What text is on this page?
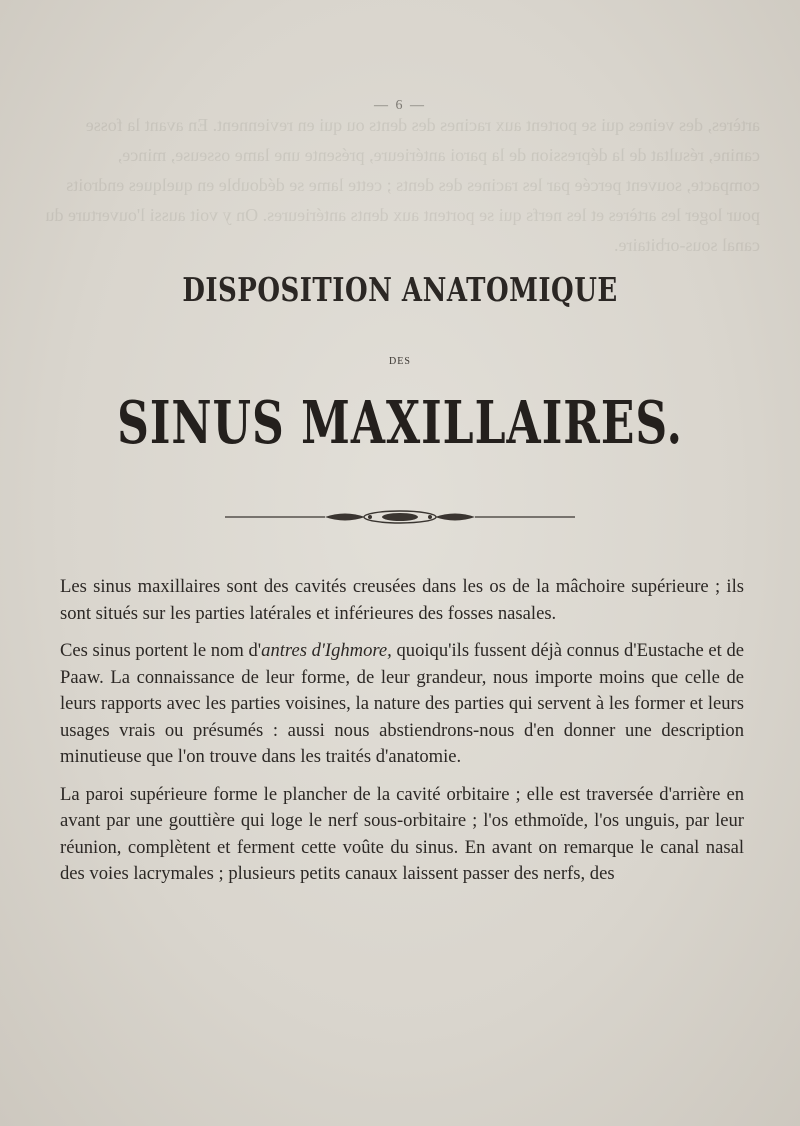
artères, des veines qui se portent aux racines des dents ou qui en reviennent. En avant la fosse canine, résultat de la dépression de la paroi antérieure, présente une lame osseuse, mince, compacte, souvent percée par les racines des dents ; cette lame se dédouble en quelques endroits pour loger les artères et les nerfs qui se portent aux dents antérieures. On y voit aussi l'ouverture du canal sous-orbitaire.
— 6 —
DISPOSITION ANATOMIQUE
DES
SINUS MAXILLAIRES.

Les sinus maxillaires sont des cavités creusées dans les os de la mâchoire supérieure ; ils sont situés sur les parties latérales et inférieures des fosses nasales.

Ces sinus portent le nom d'antres d'Ighmore, quoiqu'ils fussent déjà connus d'Eustache et de Paaw. La connaissance de leur forme, de leur grandeur, nous importe moins que celle de leurs rapports avec les parties voisines, la nature des parties qui servent à les former et leurs usages vrais ou présumés : aussi nous abstiendrons-nous d'en donner une description minutieuse que l'on trouve dans les traités d'anatomie.

La paroi supérieure forme le plancher de la cavité orbitaire ; elle est traversée d'arrière en avant par une gouttière qui loge le nerf sous-orbitaire ; l'os ethmoïde, l'os unguis, par leur réunion, complètent et ferment cette voûte du sinus. En avant on remarque le canal nasal des voies lacrymales ; plusieurs petits canaux laissent passer des nerfs, des
